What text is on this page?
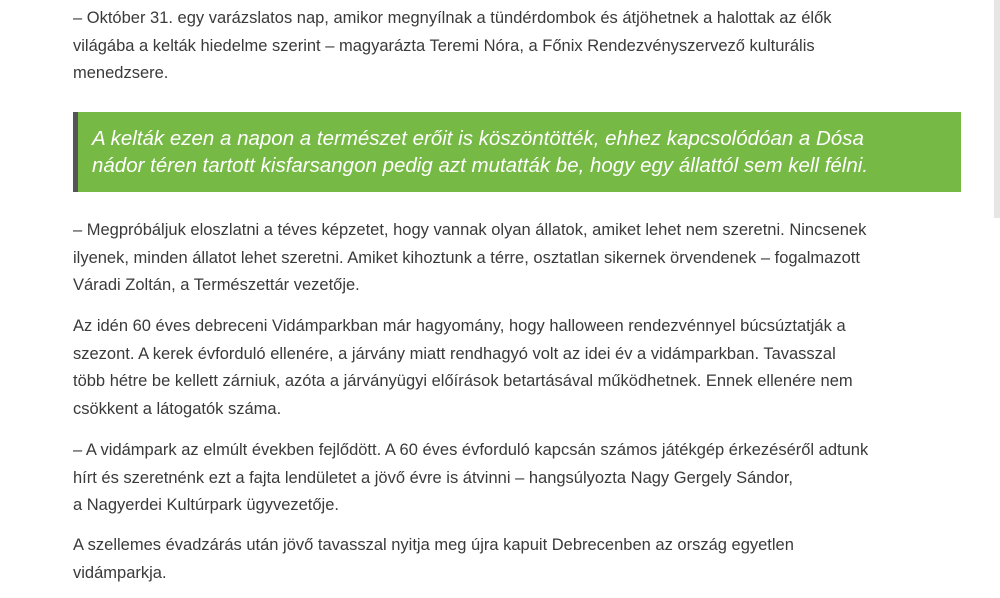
– Október 31. egy varázslatos nap, amikor megnyílnak a tündérdombok és átjöhetnek a halottak az élők
világába a kelták hiedelme szerint – magyarázta Teremi Nóra, a Főnix Rendezvényszervező kulturális
menedzsere.

A kelták ezen a napon a természet erőit is köszöntötték, ehhez kapcsolódóan a Dósa
nádor téren tartott kisfarsangon pedig azt mutatták be, hogy egy állattól sem kell félni.

– Megpróbáljuk eloszlatni a téves képzetet, hogy vannak olyan állatok, amiket lehet nem szeretni. Nincsenek
ilyenek, minden állatot lehet szeretni. Amiket kihoztunk a térre, osztatlan sikernek örvendenek – fogalmazott
Váradi Zoltán, a Természettár vezetője.

Az idén 60 éves debreceni Vidámparkban már hagyomány, hogy halloween rendezvénnyel búcsúztatják a
szezont. A kerek évforduló ellenére, a járvány miatt rendhagyó volt az idei év a vidámparkban. Tavasszal
több hétre be kellett zárniuk, azóta a járványügyi előírások betartásával működhetnek. Ennek ellenére nem
csökkent a látogatók száma.

– A vidámpark az elmúlt években fejlődött. A 60 éves évforduló kapcsán számos játékgép érkezéséről adtunk
hírt és szeretnénk ezt a fajta lendületet a jövő évre is átvinni – hangsúlyozta Nagy Gergely Sándor,
a Nagyerdei Kultúrpark ügyvezetője.

A szellemes évadzárás után jövő tavasszal nyitja meg újra kapuit Debrecenben az ország egyetlen
vidámparkja.
